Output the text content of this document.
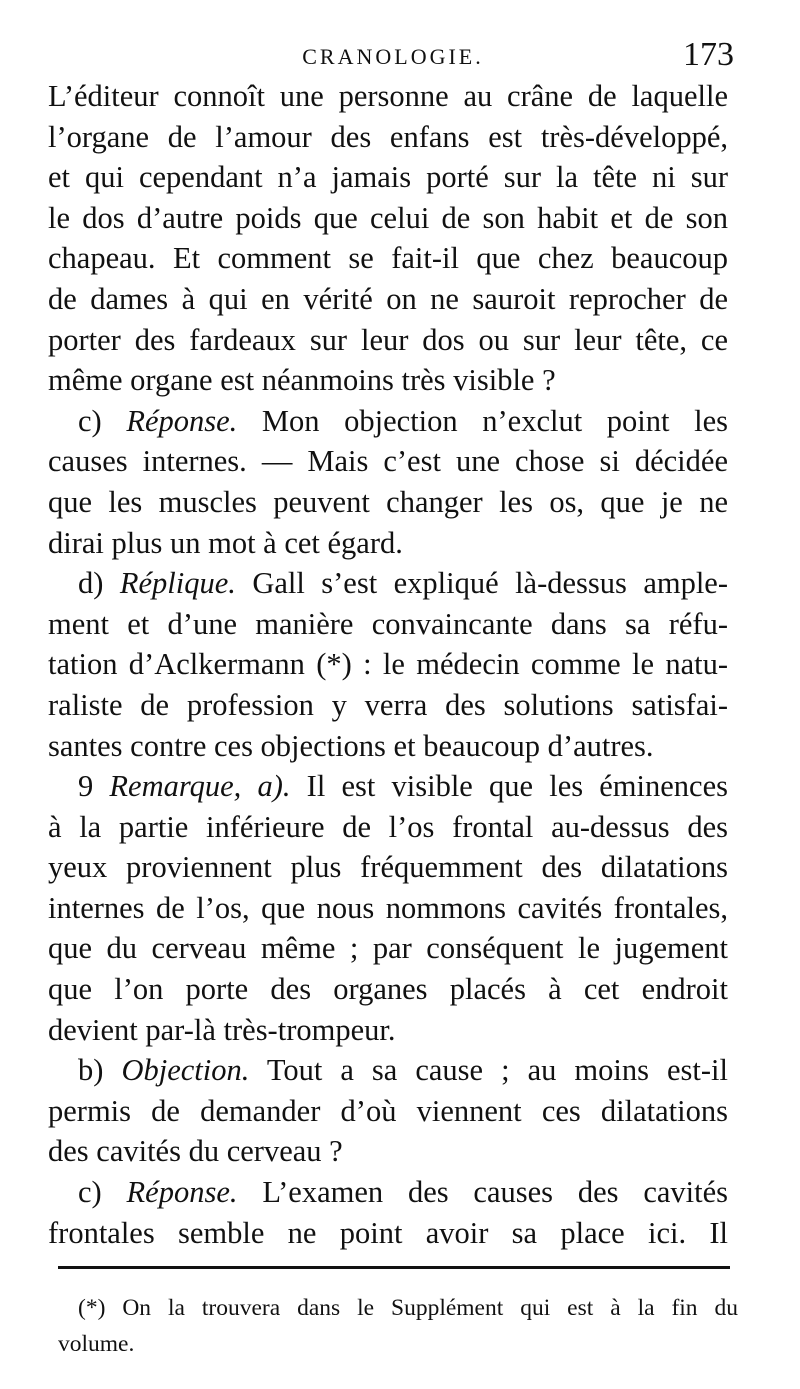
CRANOLOGIE.	173
L’éditeur connoît une personne au crâne de laquelle
l’organe de l’amour des enfans est très-développé,
et qui cependant n’a jamais porté sur la tête ni sur
le dos d’autre poids que celui de son habit et de son
chapeau. Et comment se fait-il que chez beaucoup
de dames à qui en vérité on ne sauroit reprocher de
porter des fardeaux sur leur dos ou sur leur tête, ce
même organe est néanmoins très visible ?
c) Réponse. Mon objection n’exclut point les
causes internes. — Mais c’est une chose si décidée
que les muscles peuvent changer les os, que je ne
dirai plus un mot à cet égard.
d) Réplique. Gall s’est expliqué là-dessus ample-
ment et d’une manière convaincante dans sa réfu-
tation d’Aclkermann (*) : le médecin comme le natu-
raliste de profession y verra des solutions satisfai-
santes contre ces objections et beaucoup d’autres.
9 Remarque, a). Il est visible que les éminences
à la partie inférieure de l’os frontal au-dessus des
yeux proviennent plus fréquemment des dilatations
internes de l’os, que nous nommons cavités frontales,
que du cerveau même ; par conséquent le jugement
que l’on porte des organes placés à cet endroit
devient par-là très-trompeur.
b) Objection. Tout a sa cause ; au moins est-il
permis de demander d’où viennent ces dilatations
des cavités du cerveau ?
c) Réponse. L’examen des causes des cavités
frontales semble ne point avoir sa place ici. Il
(*) On la trouvera dans le Supplément qui est à la fin du
volume.
